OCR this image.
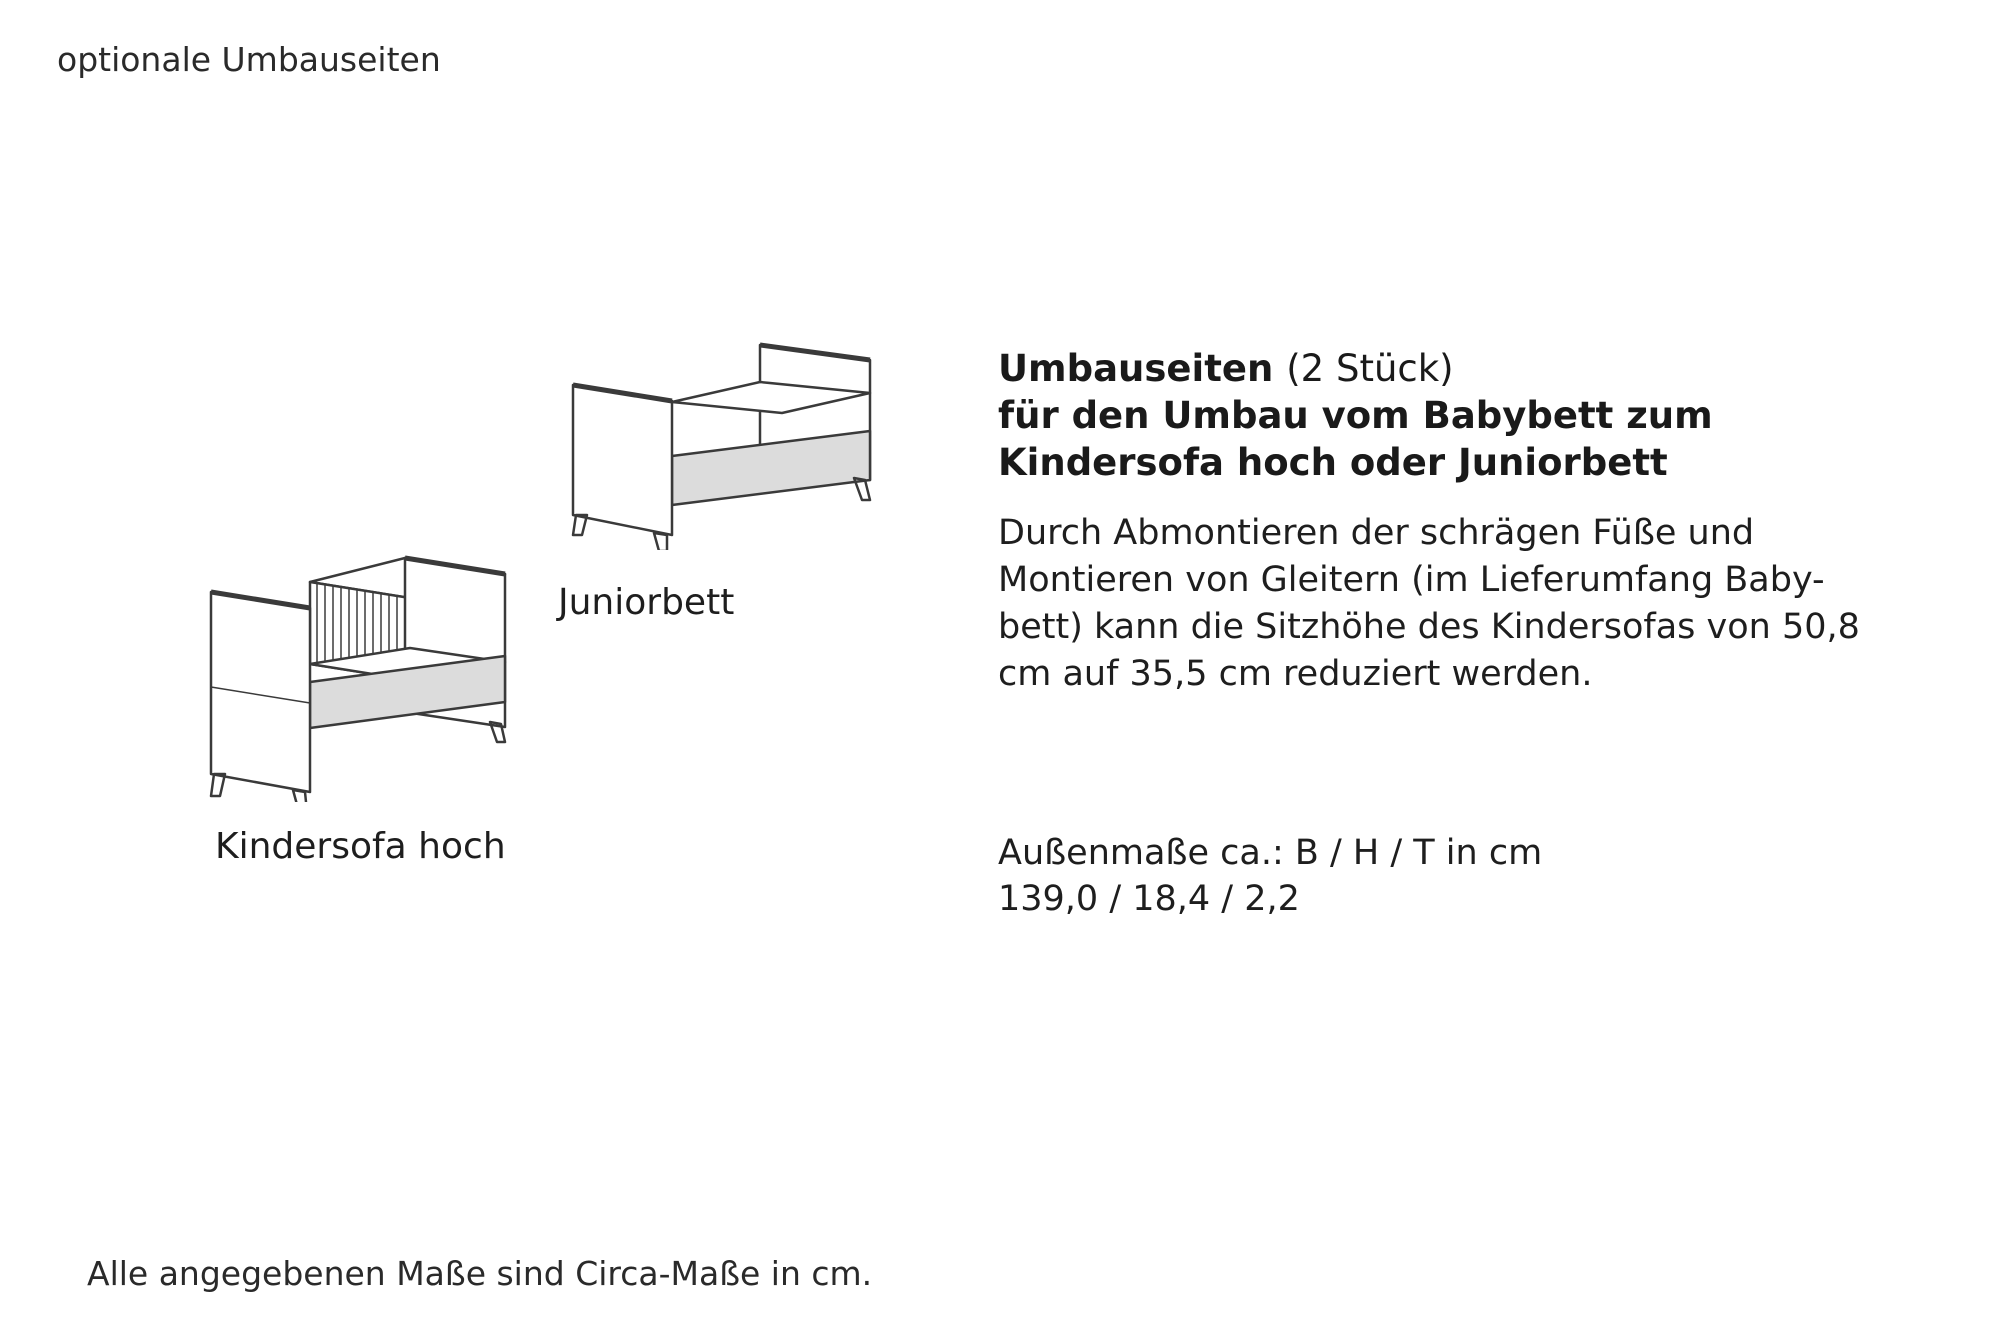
optionale Umbauseiten
Juniorbett
Kindersofa hoch
Umbauseiten (2 Stück)
für den Umbau vom Babybett zum
Kindersofa hoch oder Juniorbett
Durch Abmontieren der schrägen Füße und
Montieren von Gleitern (im Lieferumfang Baby-
bett) kann die Sitzhöhe des Kindersofas von 50,8
cm auf 35,5 cm reduziert werden.
Außenmaße ca.: B / H / T in cm
139,0 / 18,4 / 2,2
Alle angegebenen Maße sind Circa-Maße in cm.
